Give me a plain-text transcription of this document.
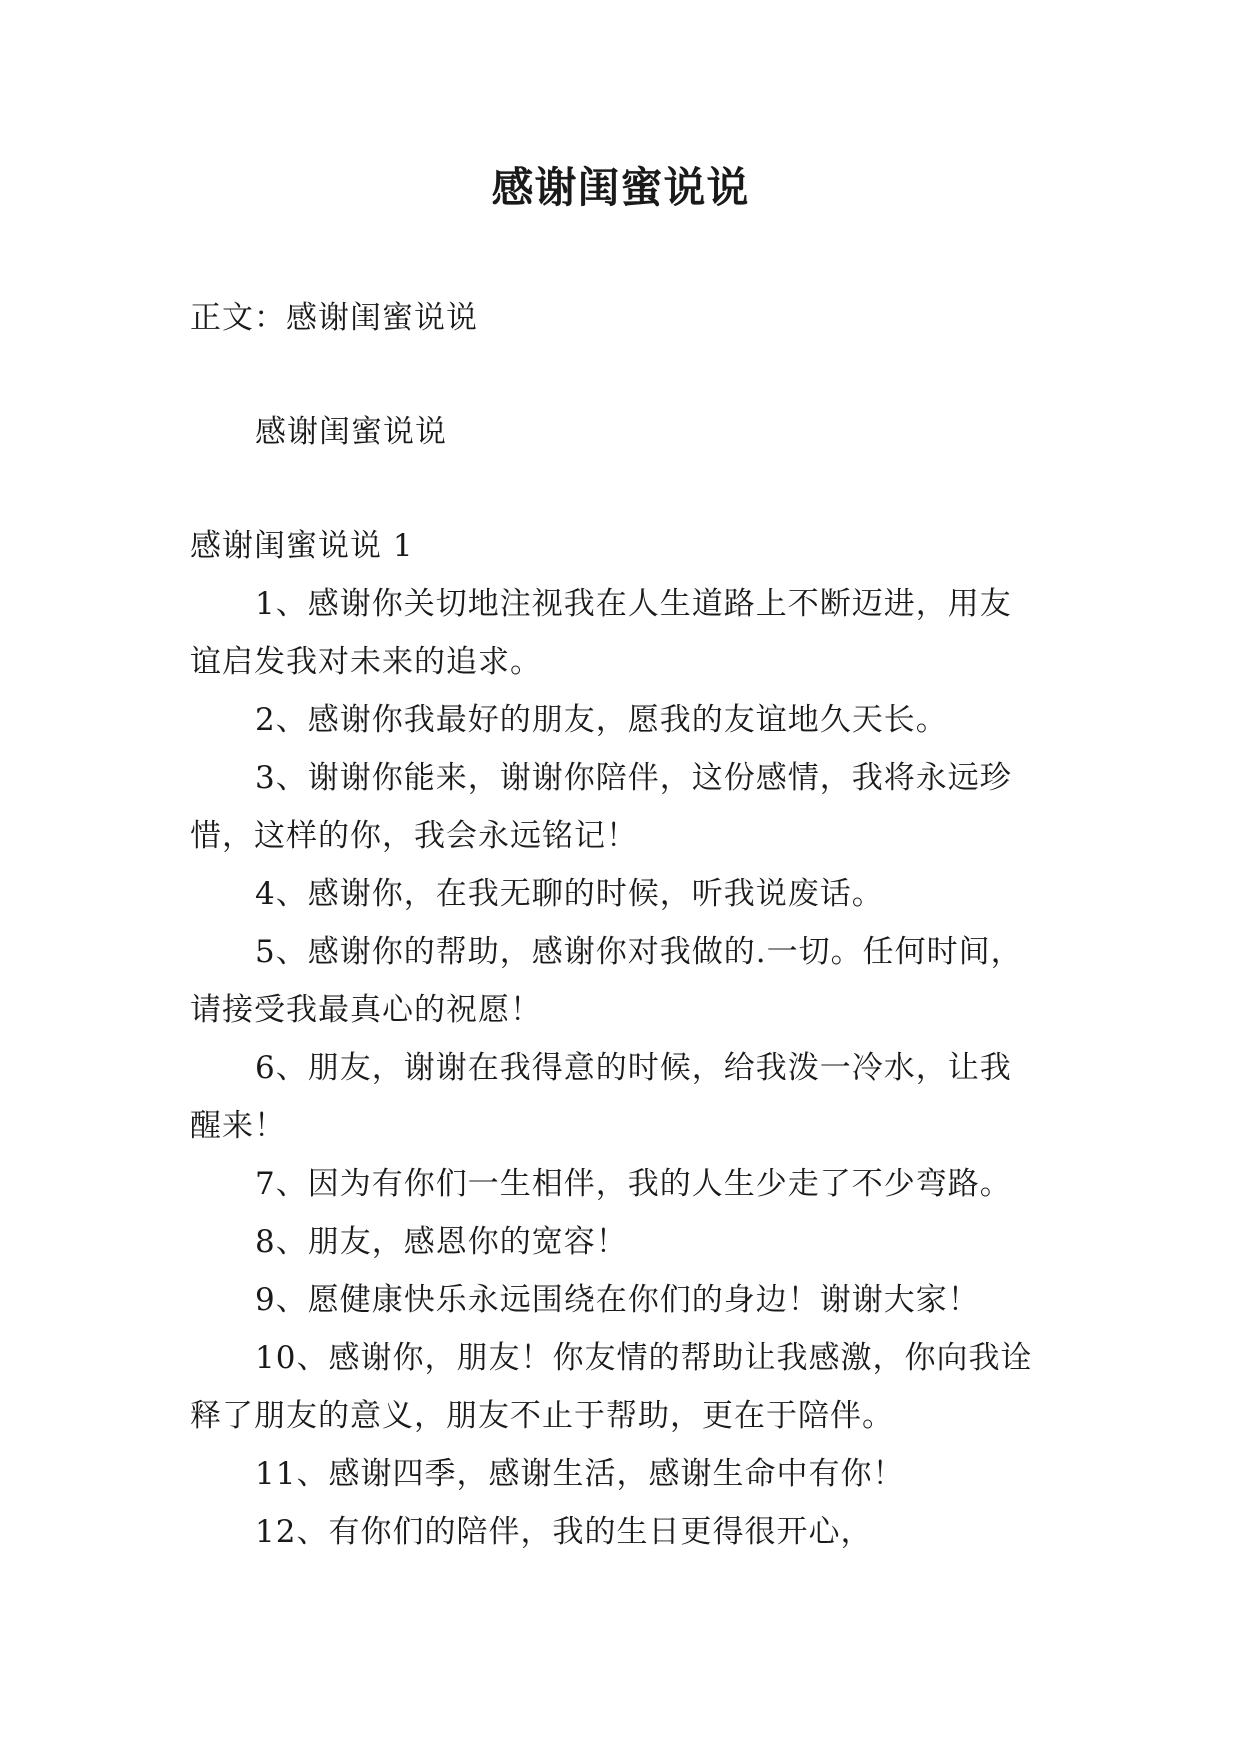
感谢闺蜜说说
正文：感谢闺蜜说说
感谢闺蜜说说
感谢闺蜜说说 1
1、感谢你关切地注视我在人生道路上不断迈进，用友
谊启发我对未来的追求。
2、感谢你我最好的朋友，愿我的友谊地久天长。
3、谢谢你能来，谢谢你陪伴，这份感情，我将永远珍
惜，这样的你，我会永远铭记！
4、感谢你，在我无聊的时候，听我说废话。
5、感谢你的帮助，感谢你对我做的.一切。任何时间，
请接受我最真心的祝愿！
6、朋友，谢谢在我得意的时候，给我泼一冷水，让我
醒来！
7、因为有你们一生相伴，我的人生少走了不少弯路。
8、朋友，感恩你的宽容！
9、愿健康快乐永远围绕在你们的身边！谢谢大家！
10、感谢你，朋友！你友情的帮助让我感激，你向我诠
释了朋友的意义，朋友不止于帮助，更在于陪伴。
11、感谢四季，感谢生活，感谢生命中有你！
12、有你们的陪伴，我的生日更得很开心，
